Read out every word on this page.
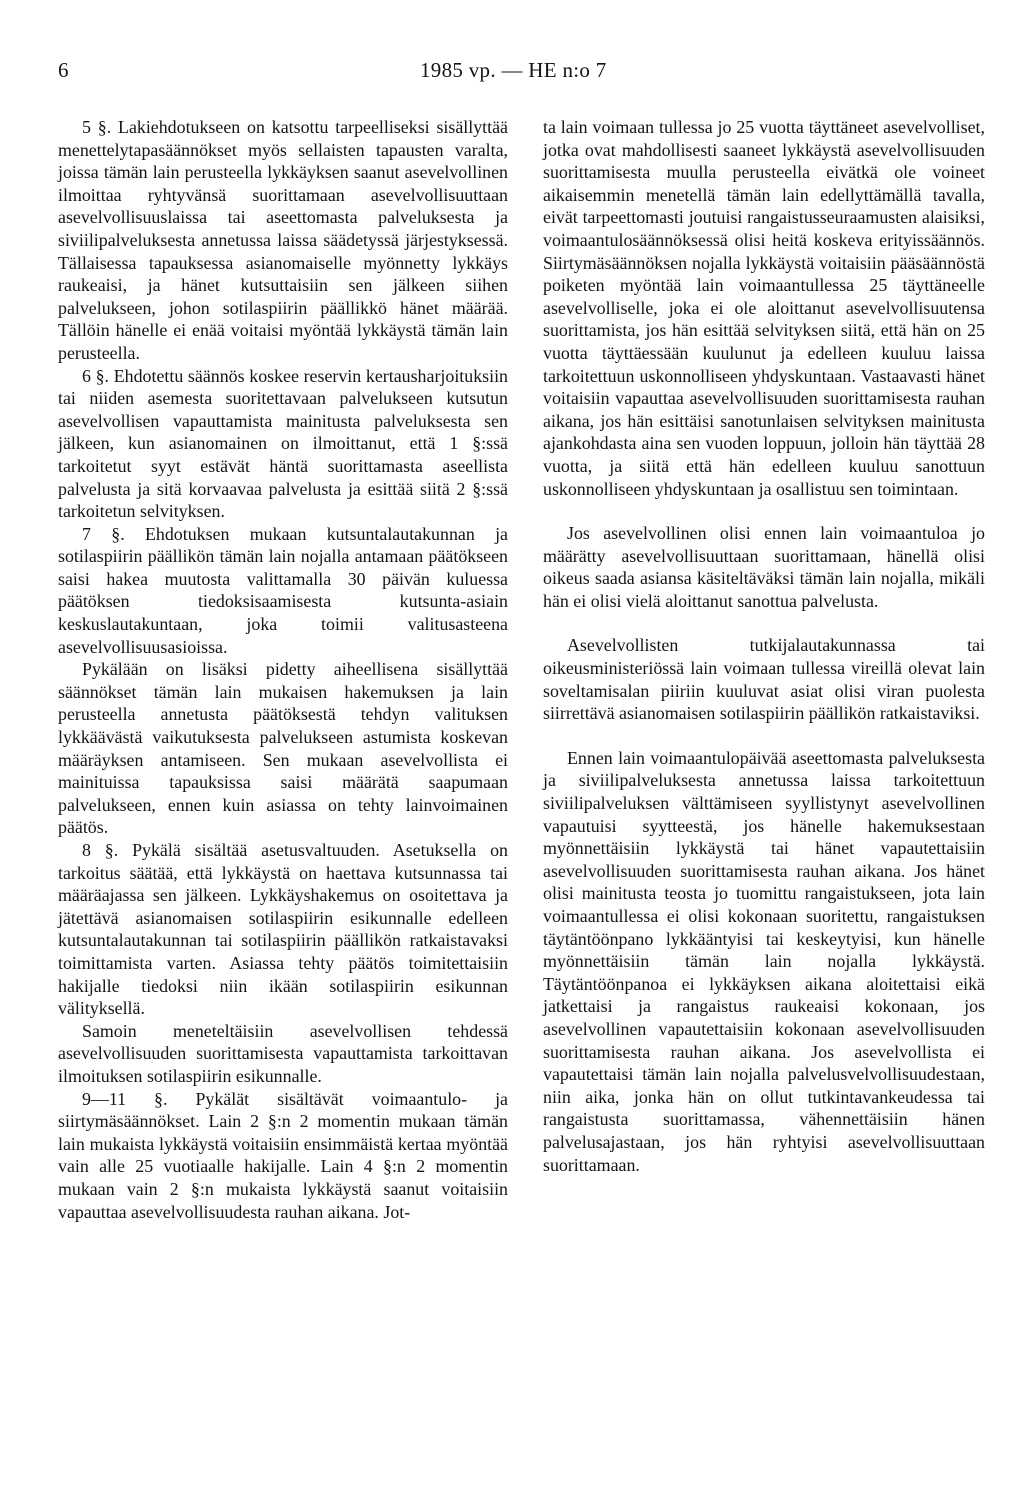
6	1985 vp. — HE n:o 7

5 §. Lakiehdotukseen on katsottu tarpeelliseksi sisällyttää menettelytapasäännökset myös sellaisten tapausten varalta, joissa tämän lain perusteella lykkäyksen saanut asevelvollinen ilmoittaa ryhtyvänsä suorittamaan asevelvollisuuttaan asevelvollisuuslaissa tai aseettomasta palveluksesta ja siviilipalveluksesta annetussa laissa säädetyssä järjestyksessä. Tällaisessa tapauksessa asianomaiselle myönnetty lykkäys raukeaisi, ja hänet kutsuttaisiin sen jälkeen siihen palvelukseen, johon sotilaspiirin päällikkö hänet määrää. Tällöin hänelle ei enää voitaisi myöntää lykkäystä tämän lain perusteella.

6 §. Ehdotettu säännös koskee reservin kertausharjoituksiin tai niiden asemesta suoritettavaan palvelukseen kutsutun asevelvollisen vapauttamista mainitusta palveluksesta sen jälkeen, kun asianomainen on ilmoittanut, että 1 §:ssä tarkoitetut syyt estävät häntä suorittamasta aseellista palvelusta ja sitä korvaavaa palvelusta ja esittää siitä 2 §:ssä tarkoitetun selvityksen.

7 §. Ehdotuksen mukaan kutsuntalautakunnan ja sotilaspiirin päällikön tämän lain nojalla antamaan päätökseen saisi hakea muutosta valittamalla 30 päivän kuluessa päätöksen tiedoksisaamisesta kutsunta-asiain keskuslautakuntaan, joka toimii valitusasteena asevelvollisuusasioissa.

Pykälään on lisäksi pidetty aiheellisena sisällyttää säännökset tämän lain mukaisen hakemuksen ja lain perusteella annetusta päätöksestä tehdyn valituksen lykkäävästä vaikutuksesta palvelukseen astumista koskevan määräyksen antamiseen. Sen mukaan asevelvollista ei mainituissa tapauksissa saisi määrätä saapumaan palvelukseen, ennen kuin asiassa on tehty lainvoimainen päätös.

8 §. Pykälä sisältää asetusvaltuuden. Asetuksella on tarkoitus säätää, että lykkäystä on haettava kutsunnassa tai määräajassa sen jälkeen. Lykkäyshakemus on osoitettava ja jätettävä asianomaisen sotilaspiirin esikunnalle edelleen kutsuntalautakunnan tai sotilaspiirin päällikön ratkaistavaksi toimittamista varten. Asiassa tehty päätös toimitettaisiin hakijalle tiedoksi niin ikään sotilaspiirin esikunnan välityksellä.

Samoin meneteltäisiin asevelvollisen tehdessä asevelvollisuuden suorittamisesta vapauttamista tarkoittavan ilmoituksen sotilaspiirin esikunnalle.

9—11 §. Pykälät sisältävät voimaantulo- ja siirtymäsäännökset. Lain 2 §:n 2 momentin mukaan tämän lain mukaista lykkäystä voitaisiin ensimmäistä kertaa myöntää vain alle 25 vuotiaalle hakijalle. Lain 4 §:n 2 momentin mukaan vain 2 §:n mukaista lykkäystä saanut voitaisiin vapauttaa asevelvollisuudesta rauhan aikana. Jot-

ta lain voimaan tullessa jo 25 vuotta täyttäneet asevelvolliset, jotka ovat mahdollisesti saaneet lykkäystä asevelvollisuuden suorittamisesta muulla perusteella eivätkä ole voineet aikaisemmin menetellä tämän lain edellyttämällä tavalla, eivät tarpeettomasti joutuisi rangaistusseuraamusten alaisiksi, voimaantulosäännöksessä olisi heitä koskeva erityissäännös. Siirtymäsäännöksen nojalla lykkäystä voitaisiin pääsäännöstä poiketen myöntää lain voimaantullessa 25 täyttäneelle asevelvolliselle, joka ei ole aloittanut asevelvollisuutensa suorittamista, jos hän esittää selvityksen siitä, että hän on 25 vuotta täyttäessään kuulunut ja edelleen kuuluu laissa tarkoitettuun uskonnolliseen yhdyskuntaan. Vastaavasti hänet voitaisiin vapauttaa asevelvollisuuden suorittamisesta rauhan aikana, jos hän esittäisi sanotunlaisen selvityksen mainitusta ajankohdasta aina sen vuoden loppuun, jolloin hän täyttää 28 vuotta, ja siitä että hän edelleen kuuluu sanottuun uskonnolliseen yhdyskuntaan ja osallistuu sen toimintaan.

Jos asevelvollinen olisi ennen lain voimaantuloa jo määrätty asevelvollisuuttaan suorittamaan, hänellä olisi oikeus saada asiansa käsiteltäväksi tämän lain nojalla, mikäli hän ei olisi vielä aloittanut sanottua palvelusta.

Asevelvollisten tutkijalautakunnassa tai oikeusministeriössä lain voimaan tullessa vireillä olevat lain soveltamisalan piiriin kuuluvat asiat olisi viran puolesta siirrettävä asianomaisen sotilaspiirin päällikön ratkaistaviksi.

Ennen lain voimaantulopäivää aseettomasta palveluksesta ja siviilipalveluksesta annetussa laissa tarkoitettuun siviilipalveluksen välttämiseen syyllistynyt asevelvollinen vapautuisi syytteestä, jos hänelle hakemuksestaan myönnettäisiin lykkäystä tai hänet vapautettaisiin asevelvollisuuden suorittamisesta rauhan aikana. Jos hänet olisi mainitusta teosta jo tuomittu rangaistukseen, jota lain voimaantullessa ei olisi kokonaan suoritettu, rangaistuksen täytäntöönpano lykkääntyisi tai keskeytyisi, kun hänelle myönnettäisiin tämän lain nojalla lykkäystä. Täytäntöönpanoa ei lykkäyksen aikana aloitettaisi eikä jatkettaisi ja rangaistus raukeaisi kokonaan, jos asevelvollinen vapautettaisiin kokonaan asevelvollisuuden suorittamisesta rauhan aikana. Jos asevelvollista ei vapautettaisi tämän lain nojalla palvelusvelvollisuudestaan, niin aika, jonka hän on ollut tutkintavankeudessa tai rangaistusta suorittamassa, vähennettäisiin hänen palvelusajastaan, jos hän ryhtyisi asevelvollisuuttaan suorittamaan.
